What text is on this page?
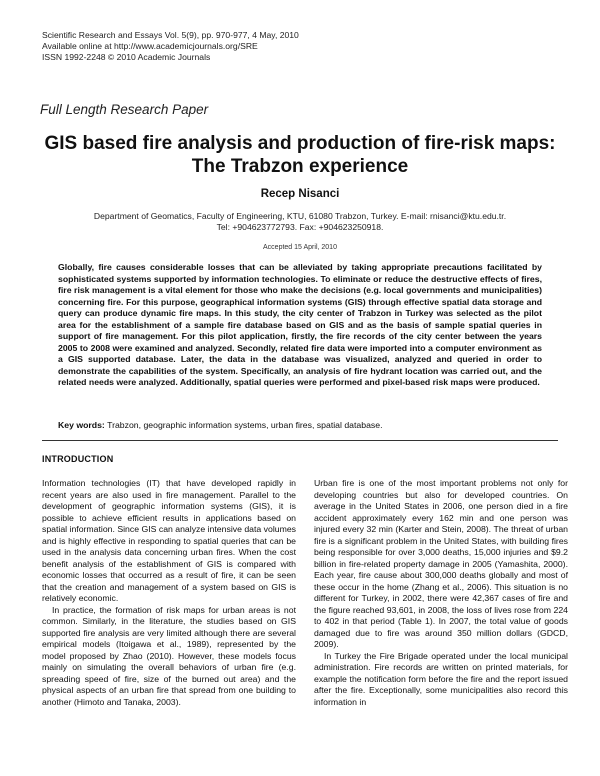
Scientific Research and Essays Vol. 5(9), pp. 970-977, 4 May, 2010
Available online at http://www.academicjournals.org/SRE
ISSN 1992-2248 © 2010 Academic Journals
Full Length Research Paper
GIS based fire analysis and production of fire-risk maps: The Trabzon experience
Recep Nisanci
Department of Geomatics, Faculty of Engineering, KTU, 61080 Trabzon, Turkey. E-mail: rnisanci@ktu.edu.tr.
Tel: +904623772793. Fax: +904623250918.
Accepted 15 April, 2010
Globally, fire causes considerable losses that can be alleviated by taking appropriate precautions facilitated by sophisticated systems supported by information technologies. To eliminate or reduce the destructive effects of fires, fire risk management is a vital element for those who make the decisions (e.g. local governments and municipalities) concerning fire. For this purpose, geographical information systems (GIS) through effective spatial data storage and query can produce dynamic fire maps. In this study, the city center of Trabzon in Turkey was selected as the pilot area for the establishment of a sample fire database based on GIS and as the basis of sample spatial queries in support of fire management. For this pilot application, firstly, the fire records of the city center between the years 2005 to 2008 were examined and analyzed. Secondly, related fire data were imported into a computer environment as a GIS supported database. Later, the data in the database was visualized, analyzed and queried in order to demonstrate the capabilities of the system. Specifically, an analysis of fire hydrant location was carried out, and the related needs were analyzed. Additionally, spatial queries were performed and pixel-based risk maps were produced.
Key words: Trabzon, geographic information systems, urban fires, spatial database.
INTRODUCTION

Information technologies (IT) that have developed rapidly in recent years are also used in fire management. Parallel to the development of geographic information systems (GIS), it is possible to achieve efficient results in applications based on spatial information. Since GIS can analyze intensive data volumes and is highly effective in responding to spatial queries that can be used in the analysis data concerning urban fires. When the cost benefit analysis of the establishment of GIS is compared with economic losses that occurred as a result of fire, it can be seen that the creation and management of a system based on GIS is relatively economic.

In practice, the formation of risk maps for urban areas is not common. Similarly, in the literature, the studies based on GIS supported fire analysis are very limited although there are several empirical models (Itoigawa et al., 1989), represented by the model proposed by Zhao (2010). However, these models focus mainly on simulating the overall behaviors of urban fire (e.g. spreading speed of fire, size of the burned out area) and the physical aspects of an urban fire that spread from one building to another (Himoto and Tanaka, 2003).

Urban fire is one of the most important problems not only for developing countries but also for developed countries. On average in the United States in 2006, one person died in a fire accident approximately every 162 min and one person was injured every 32 min (Karter and Stein, 2008). The threat of urban fire is a significant problem in the United States, with building fires being responsible for over 3,000 deaths, 15,000 injuries and $9.2 billion in fire-related property damage in 2005 (Yamashita, 2000). Each year, fire cause about 300,000 deaths globally and most of these occur in the home (Zhang et al., 2006). This situation is no different for Turkey, in 2002, there were 42,367 cases of fire and the figure reached 93,601, in 2008, the loss of lives rose from 224 to 402 in that period (Table 1). In 2007, the total value of goods damaged due to fire was around 350 million dollars (GDCD, 2009).

In Turkey the Fire Brigade operated under the local municipal administration. Fire records are written on printed materials, for example the notification form before the fire and the report issued after the fire. Exceptionally, some municipalities also record this information in
